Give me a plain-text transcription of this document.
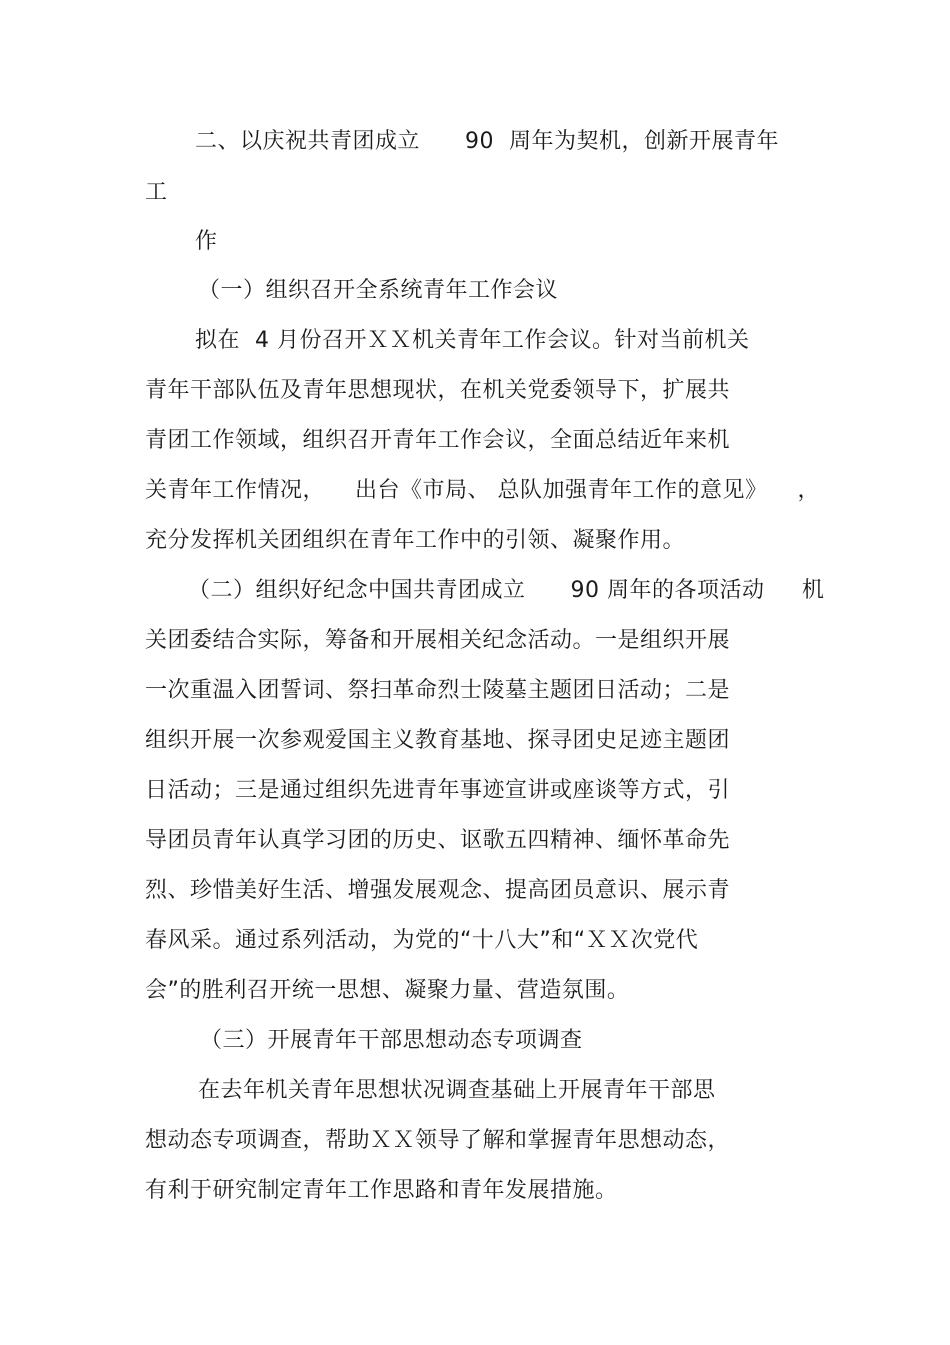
二、以庆祝共青团成立      90  周年为契机，创新开展青年
工
作
（一）组织召开全系统青年工作会议
拟在  4 月份召开ＸＸ机关青年工作会议。针对当前机关
青年干部队伍及青年思想现状，在机关党委领导下，扩展共
青团工作领域，组织召开青年工作会议，全面总结近年来机
关青年工作情况，    出台《市局、 总队加强青年工作的意见》    ，
充分发挥机关团组织在青年工作中的引领、凝聚作用。
（二）组织好纪念中国共青团成立      90 周年的各项活动     机
关团委结合实际，筹备和开展相关纪念活动。一是组织开展
一次重温入团誓词、祭扫革命烈士陵墓主题团日活动；二是
组织开展一次参观爱国主义教育基地、探寻团史足迹主题团
日活动；三是通过组织先进青年事迹宣讲或座谈等方式，引
导团员青年认真学习团的历史、讴歌五四精神、缅怀革命先
烈、珍惜美好生活、增强发展观念、提高团员意识、展示青
春风采。通过系列活动，为党的“十八大”和“ＸＸ次党代
会”的胜利召开统一思想、凝聚力量、营造氛围。
（三）开展青年干部思想动态专项调查
在去年机关青年思想状况调查基础上开展青年干部思
想动态专项调查，帮助ＸＸ领导了解和掌握青年思想动态，
有利于研究制定青年工作思路和青年发展措施。
